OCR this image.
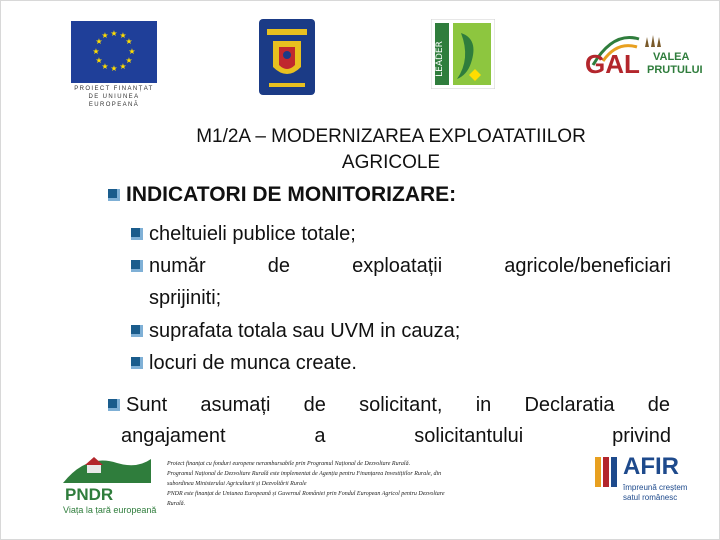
★ ★
★
★
★
★
★
★
★
★
★
★
PROIECT FINANȚAT DE UNIUNEA EUROPEANĂ
LEADER	GAL VALEA
PRUTULUI
M1/2A – MODERNIZAREA EXPLOATATIILOR
AGRICOLE
INDICATORI DE MONITORIZARE:
cheltuieli publice totale;
număr de exploatații agricole/beneficiari
sprijiniti;
suprafata totala sau UVM in cauza;
locuri de munca create.
Sunt asumați de solicitant, in Declaratia de
angajament a solicitantului privind
PNDR
Viața la țară europeană
Proiect finanțat cu fonduri europene nerambursabile prin Programul Național de Dezvoltare Rurală.
Programul Național de Dezvoltare Rurală este implementat de Agenția pentru Finanțarea Investițiilor Rurale, din
subordinea Ministerului Agriculturii și Dezvoltării Rurale
PNDR este finanțat de Uniunea Europeană și Guvernul României prin Fondul European Agricol pentru Dezvoltare
Rurală.
AFIR
împreună creștem
satul românesc
